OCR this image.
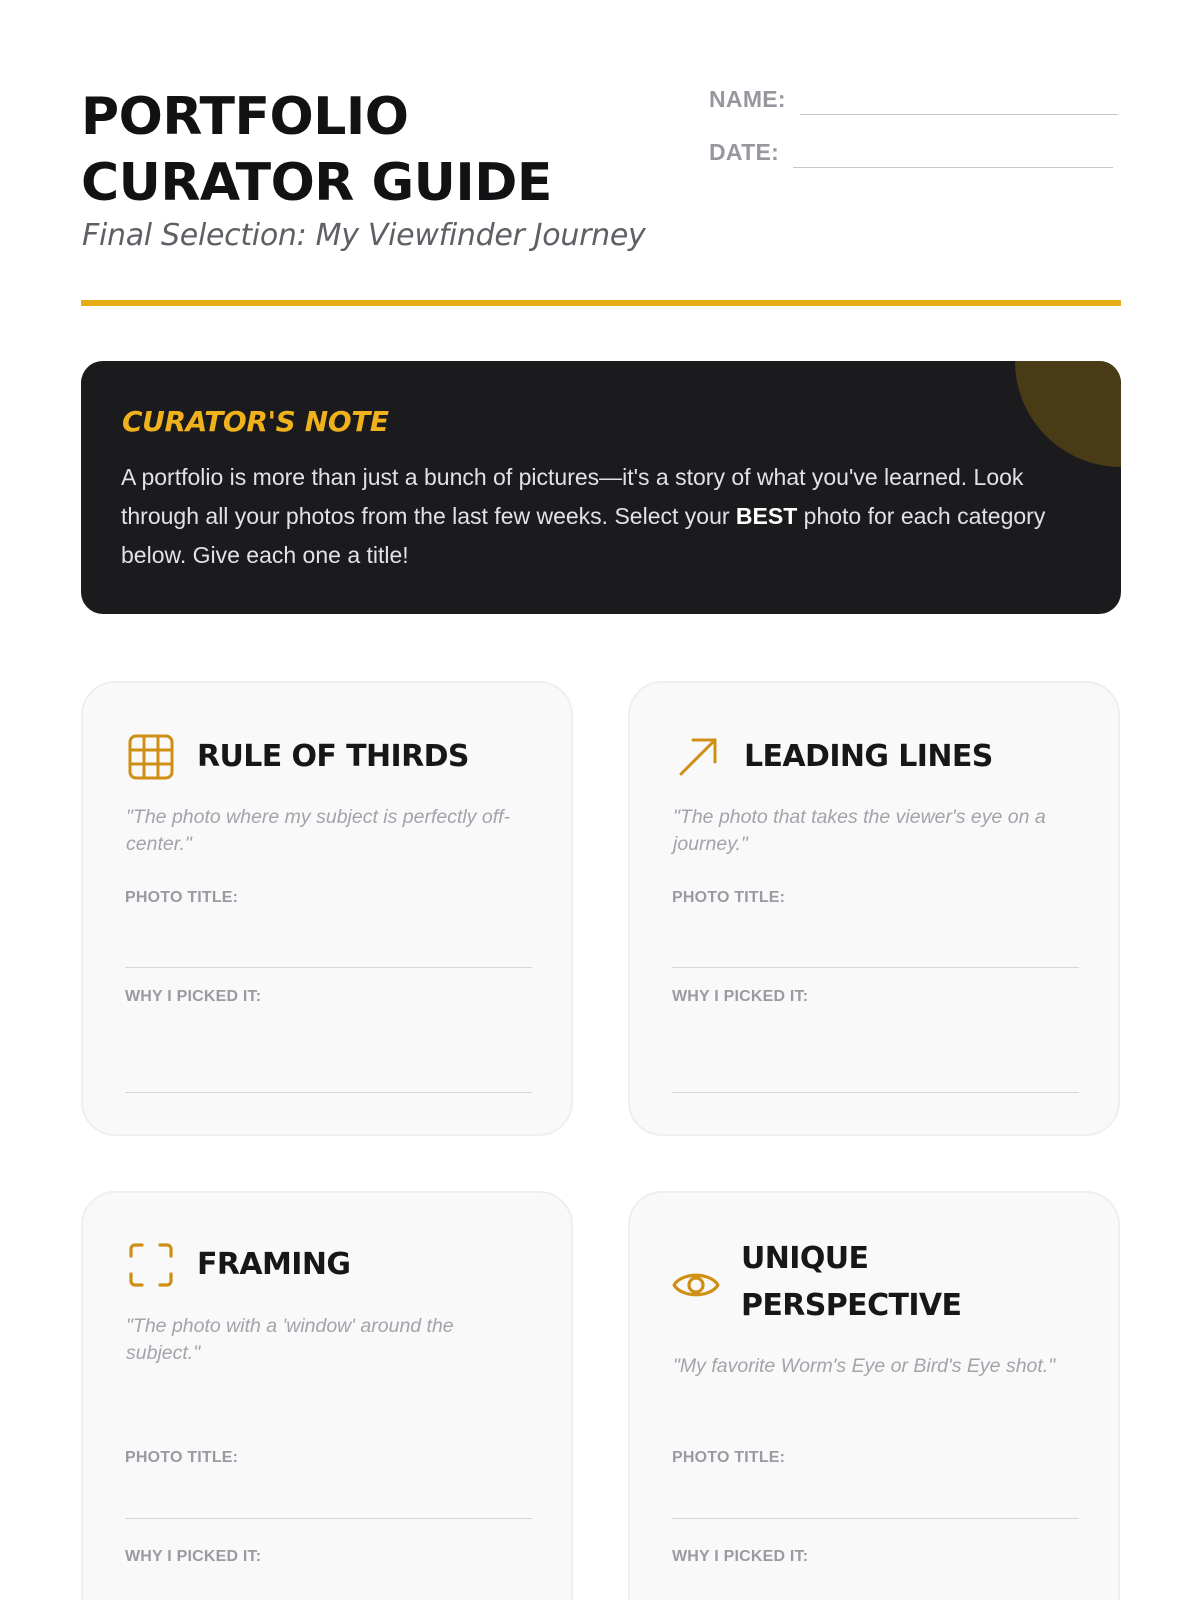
PORTFOLIO
CURATOR GUIDE
Final Selection: My Viewfinder Journey
NAME:
DATE:
CURATOR'S NOTE

A portfolio is more than just a bunch of pictures—it's a story of what you've learned. Look through all your photos from the last few weeks. Select your BEST photo for each category below. Give each one a title!

RULE OF THIRDS

"The photo where my subject is perfectly off-center."

PHOTO TITLE:
WHY I PICKED IT:
LEADING LINES

"The photo that takes the viewer's eye on a journey."

PHOTO TITLE:
WHY I PICKED IT:
FRAMING

"The photo with a 'window' around the subject."

PHOTO TITLE:
WHY I PICKED IT:
UNIQUE
PERSPECTIVE

"My favorite Worm's Eye or Bird's Eye shot."

PHOTO TITLE:
WHY I PICKED IT:
